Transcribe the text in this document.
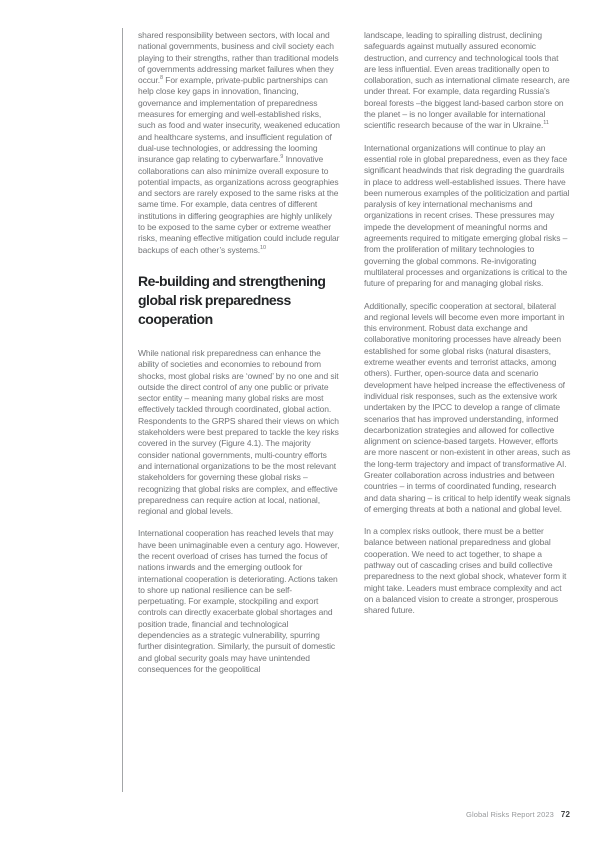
shared responsibility between sectors, with local and national governments, business and civil society each playing to their strengths, rather than traditional models of governments addressing market failures when they occur.$^8$ For example, private-public partnerships can help close key gaps in innovation, financing, governance and implementation of preparedness measures for emerging and well-established risks, such as food and water insecurity, weakened education and healthcare systems, and insufficient regulation of dual-use technologies, or addressing the looming insurance gap relating to cyberwarfare.$^9$ Innovative collaborations can also minimize overall exposure to potential impacts, as organizations across geographies and sectors are rarely exposed to the same risks at the same time. For example, data centres of different institutions in differing geographies are highly unlikely to be exposed to the same cyber or extreme weather risks, meaning effective mitigation could include regular backups of each other’s systems.$^{10}$

Re-building and strengthening global risk preparedness cooperation

While national risk preparedness can enhance the ability of societies and economies to rebound from shocks, most global risks are ‘owned’ by no one and sit outside the direct control of any one public or private sector entity – meaning many global risks are most effectively tackled through coordinated, global action. Respondents to the GRPS shared their views on which stakeholders were best prepared to tackle the key risks covered in the survey (Figure 4.1). The majority consider national governments, multi-country efforts and international organizations to be the most relevant stakeholders for governing these global risks – recognizing that global risks are complex, and effective preparedness can require action at local, national, regional and global levels.

International cooperation has reached levels that may have been unimaginable even a century ago. However, the recent overload of crises has turned the focus of nations inwards and the emerging outlook for international cooperation is deteriorating. Actions taken to shore up national resilience can be self-perpetuating. For example, stockpiling and export controls can directly exacerbate global shortages and position trade, financial and technological dependencies as a strategic vulnerability, spurring further disintegration. Similarly, the pursuit of domestic and global security goals may have unintended consequences for the geopolitical

landscape, leading to spiralling distrust, declining safeguards against mutually assured economic destruction, and currency and technological tools that are less influential. Even areas traditionally open to collaboration, such as international climate research, are under threat. For example, data regarding Russia’s boreal forests –the biggest land-based carbon store on the planet – is no longer available for international scientific research because of the war in Ukraine.$^{11}$

International organizations will continue to play an essential role in global preparedness, even as they face significant headwinds that risk degrading the guardrails in place to address well-established issues. There have been numerous examples of the politicization and partial paralysis of key international mechanisms and organizations in recent crises. These pressures may impede the development of meaningful norms and agreements required to mitigate emerging global risks – from the proliferation of military technologies to governing the global commons. Re-invigorating multilateral processes and organizations is critical to the future of preparing for and managing global risks.

Additionally, specific cooperation at sectoral, bilateral and regional levels will become even more important in this environment. Robust data exchange and collaborative monitoring processes have already been established for some global risks (natural disasters, extreme weather events and terrorist attacks, among others). Further, open-source data and scenario development have helped increase the effectiveness of individual risk responses, such as the extensive work undertaken by the IPCC to develop a range of climate scenarios that has improved understanding, informed decarbonization strategies and allowed for collective alignment on science-based targets. However, efforts are more nascent or non-existent in other areas, such as the long-term trajectory and impact of transformative AI. Greater collaboration across industries and between countries – in terms of coordinated funding, research and data sharing – is critical to help identify weak signals of emerging threats at both a national and global level.

In a complex risks outlook, there must be a better balance between national preparedness and global cooperation. We need to act together, to shape a pathway out of cascading crises and build collective preparedness to the next global shock, whatever form it might take. Leaders must embrace complexity and act on a balanced vision to create a stronger, prosperous shared future.

Global Risks Report 2023 72
